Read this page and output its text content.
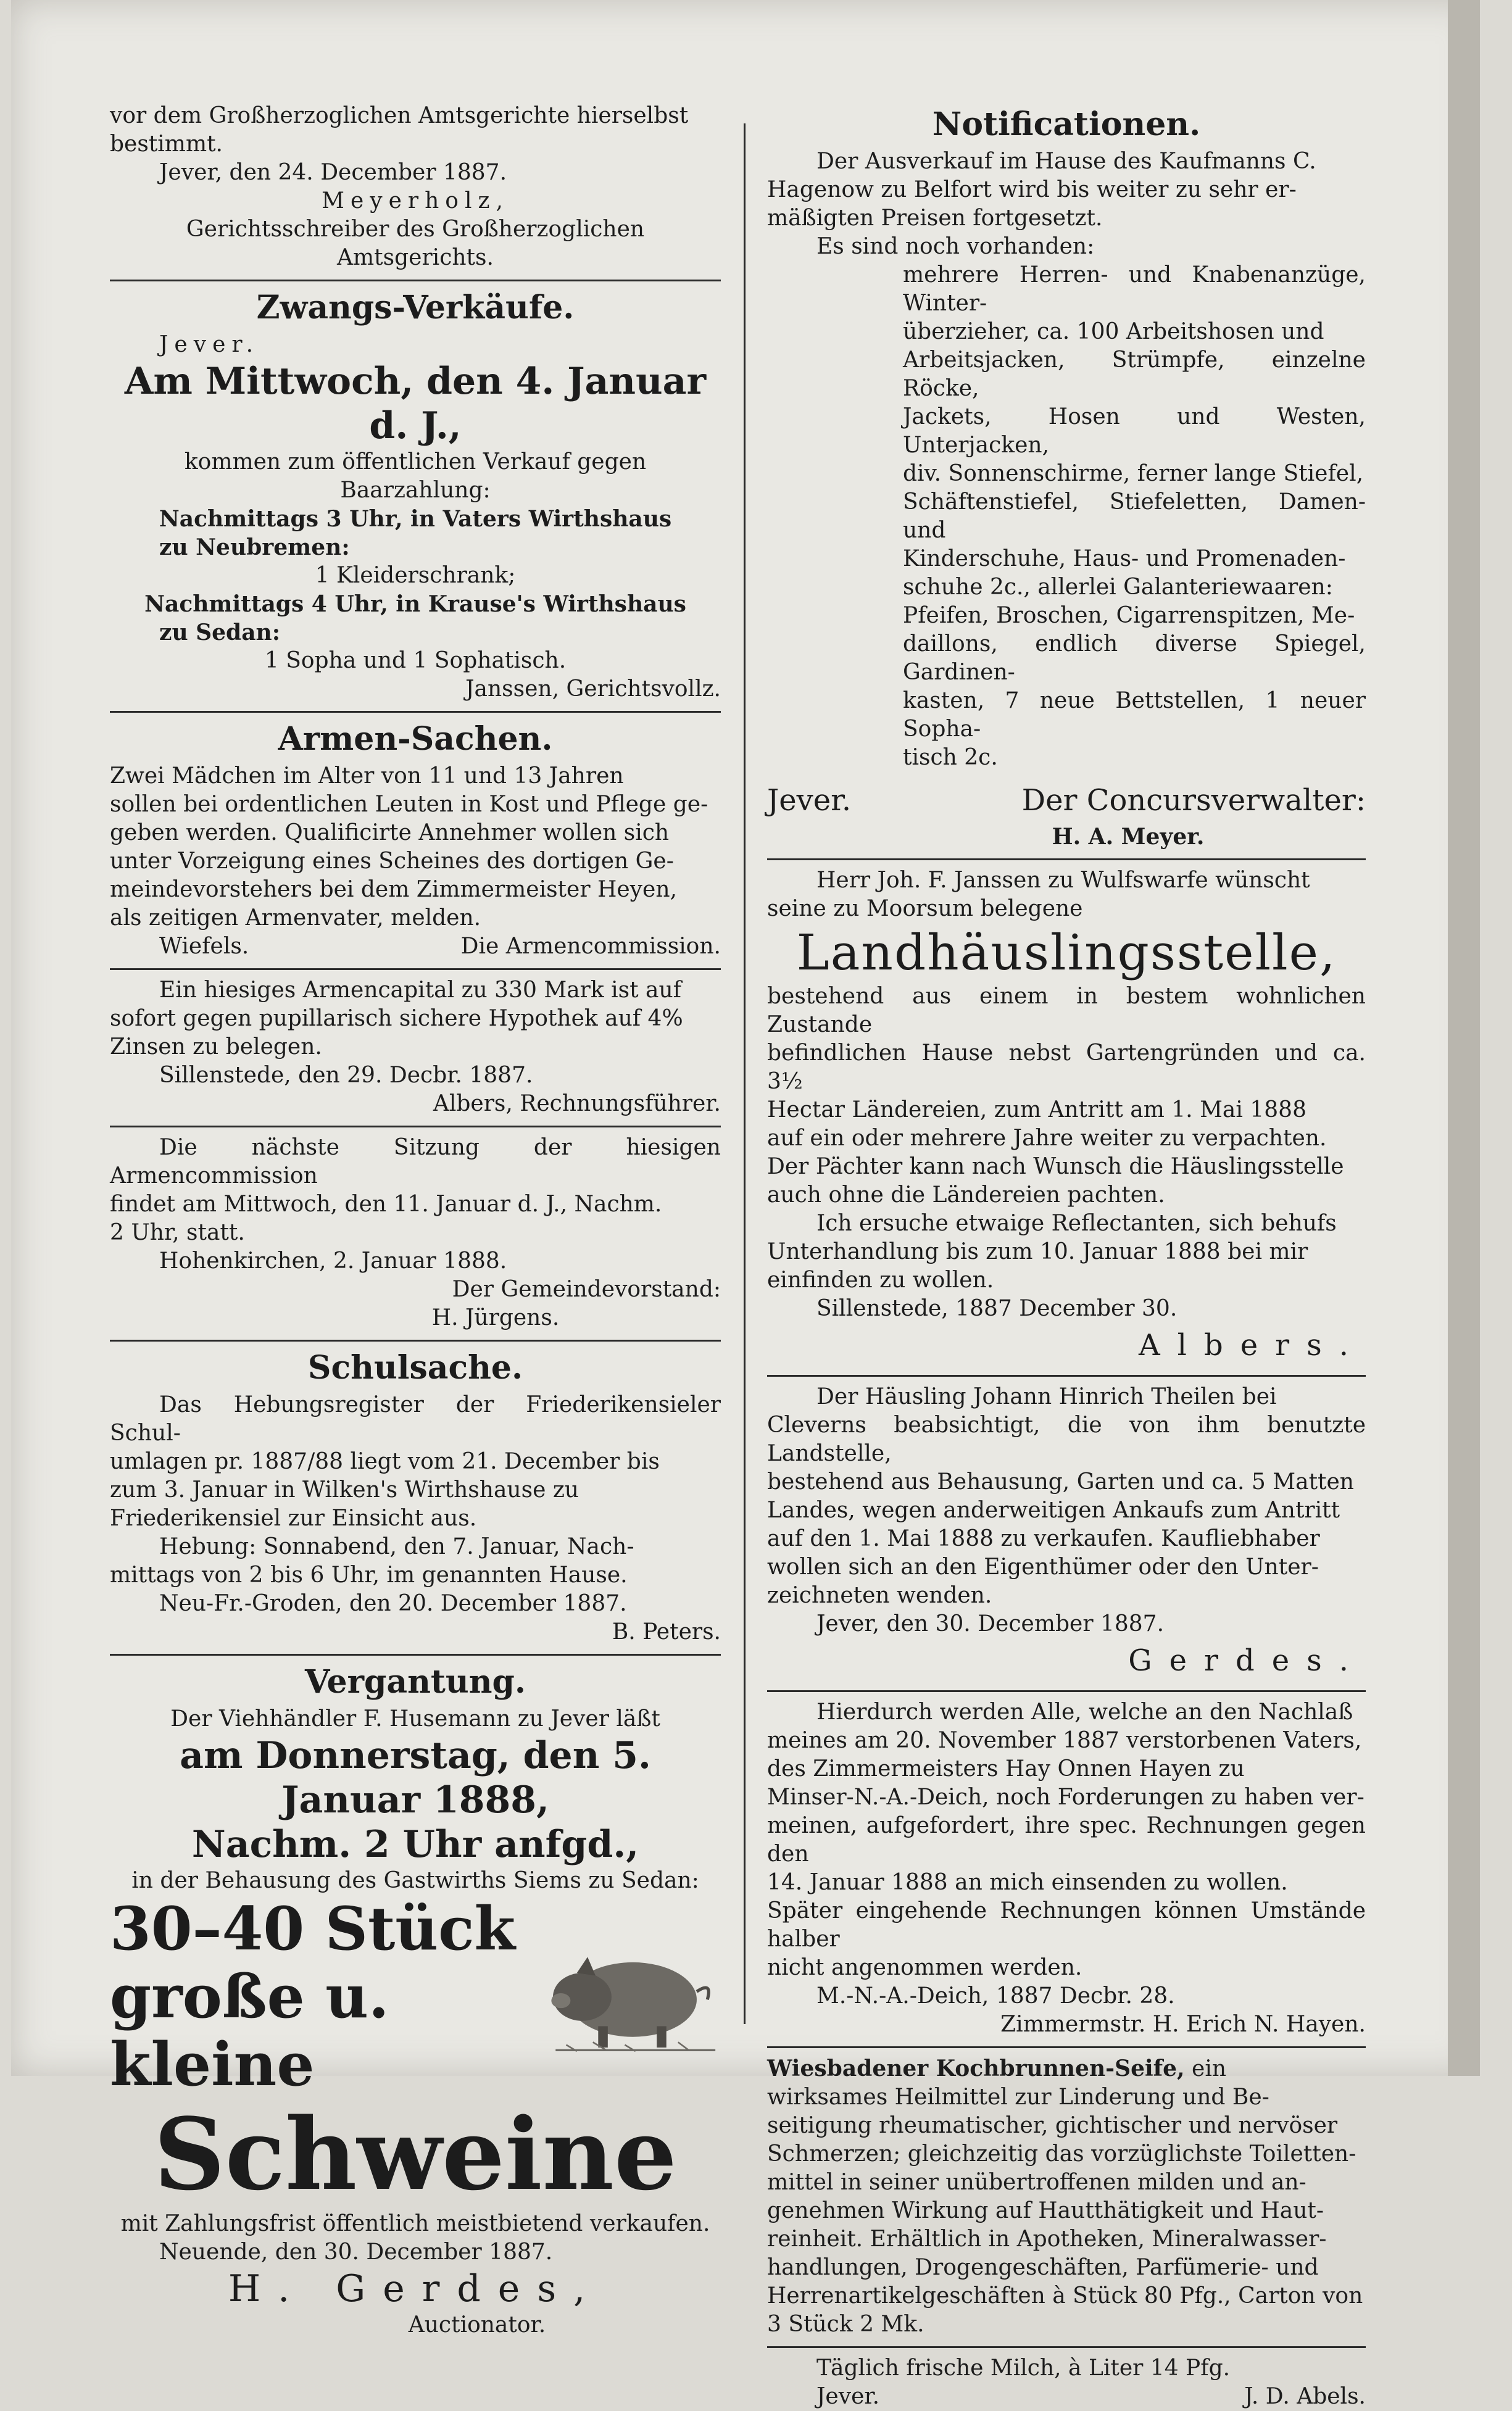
vor dem Großherzoglichen Amtsgerichte hierselbst

bestimmt.

Jever, den 24. December 1887.

Meyerholz,

Gerichtsschreiber des Großherzoglichen Amtsgerichts.

Zwangs-Verkäufe.

Jever.

Am Mittwoch, den 4. Januar d. J.,

kommen zum öffentlichen Verkauf gegen Baarzahlung:

Nachmittags 3 Uhr, in Vaters Wirthshaus

zu Neubremen:

1 Kleiderschrank;

Nachmittags 4 Uhr, in Krause's Wirthshaus

zu Sedan:

1 Sopha und 1 Sophatisch.

Janssen, Gerichtsvollz.

Armen-Sachen.

Zwei Mädchen im Alter von 11 und 13 Jahren

sollen bei ordentlichen Leuten in Kost und Pflege ge-

geben werden. Qualificirte Annehmer wollen sich

unter Vorzeigung eines Scheines des dortigen Ge-

meindevorstehers bei dem Zimmermeister Heyen,

als zeitigen Armenvater, melden.

Wiefels.	Die Armencommission.

Ein hiesiges Armencapital zu 330 Mark ist auf

sofort gegen pupillarisch sichere Hypothek auf 4%

Zinsen zu belegen.

Sillenstede, den 29. Decbr. 1887.

Albers, Rechnungsführer.

Die nächste Sitzung der hiesigen Armencommission

findet am Mittwoch, den 11. Januar d. J., Nachm.

2 Uhr, statt.

Hohenkirchen, 2. Januar 1888.

Der Gemeindevorstand:

H. Jürgens.

Schulsache.

Das Hebungsregister der Friederikensieler Schul-

umlagen pr. 1887/88 liegt vom 21. December bis

zum 3. Januar in Wilken's Wirthshause zu

Friederikensiel zur Einsicht aus.

Hebung: Sonnabend, den 7. Januar, Nach-

mittags von 2 bis 6 Uhr, im genannten Hause.

Neu-Fr.-Groden, den 20. December 1887.

B. Peters.

Vergantung.

Der Viehhändler F. Husemann zu Jever läßt

am Donnerstag, den 5. Januar 1888,

Nachm. 2 Uhr anfgd.,

in der Behausung des Gastwirths Siems zu Sedan:

30–40 Stück
große u. kleine
Schweine

mit Zahlungsfrist öffentlich meistbietend verkaufen.

Neuende, den 30. December 1887.

H. Gerdes,

Auctionator.

Notificationen.

Der Ausverkauf im Hause des Kaufmanns C.

Hagenow zu Belfort wird bis weiter zu sehr er-

mäßigten Preisen fortgesetzt.

Es sind noch vorhanden:

mehrere Herren- und Knabenanzüge, Winter-

überzieher, ca. 100 Arbeitshosen und

Arbeitsjacken, Strümpfe, einzelne Röcke,

Jackets, Hosen und Westen, Unterjacken,

div. Sonnenschirme, ferner lange Stiefel,

Schäftenstiefel, Stiefeletten, Damen- und

Kinderschuhe, Haus- und Promenaden-

schuhe 2c., allerlei Galanteriewaaren:

Pfeifen, Broschen, Cigarrenspitzen, Me-

daillons, endlich diverse Spiegel, Gardinen-

kasten, 7 neue Bettstellen, 1 neuer Sopha-

tisch 2c.

Jever.	Der Concursverwalter:

H. A. Meyer.

Herr Joh. F. Janssen zu Wulfswarfe wünscht

seine zu Moorsum belegene

Landhäuslingsstelle,

bestehend aus einem in bestem wohnlichen Zustande

befindlichen Hause nebst Gartengründen und ca. 3½

Hectar Ländereien, zum Antritt am 1. Mai 1888

auf ein oder mehrere Jahre weiter zu verpachten.

Der Pächter kann nach Wunsch die Häuslingsstelle

auch ohne die Ländereien pachten.

Ich ersuche etwaige Reflectanten, sich behufs

Unterhandlung bis zum 10. Januar 1888 bei mir

einfinden zu wollen.

Sillenstede, 1887 December 30.

Albers.

Der Häusling Johann Hinrich Theilen bei

Cleverns beabsichtigt, die von ihm benutzte Landstelle,

bestehend aus Behausung, Garten und ca. 5 Matten

Landes, wegen anderweitigen Ankaufs zum Antritt

auf den 1. Mai 1888 zu verkaufen. Kaufliebhaber

wollen sich an den Eigenthümer oder den Unter-

zeichneten wenden.

Jever, den 30. December 1887.

Gerdes.

Hierdurch werden Alle, welche an den Nachlaß

meines am 20. November 1887 verstorbenen Vaters,

des Zimmermeisters Hay Onnen Hayen zu

Minser-N.-A.-Deich, noch Forderungen zu haben ver-

meinen, aufgefordert, ihre spec. Rechnungen gegen den

14. Januar 1888 an mich einsenden zu wollen.

Später eingehende Rechnungen können Umstände halber

nicht angenommen werden.

M.-N.-A.-Deich, 1887 Decbr. 28.

Zimmermstr. H. Erich N. Hayen.

Wiesbadener Kochbrunnen-Seife, ein

wirksames Heilmittel zur Linderung und Be-

seitigung rheumatischer, gichtischer und nervöser

Schmerzen; gleichzeitig das vorzüglichste Toiletten-

mittel in seiner unübertroffenen milden und an-

genehmen Wirkung auf Hautthätigkeit und Haut-

reinheit. Erhältlich in Apotheken, Mineralwasser-

handlungen, Drogengeschäften, Parfümerie- und

Herrenartikelgeschäften à Stück 80 Pfg., Carton von

3 Stück 2 Mk.

Täglich frische Milch, à Liter 14 Pfg.

Jever.	J. D. Abels.
